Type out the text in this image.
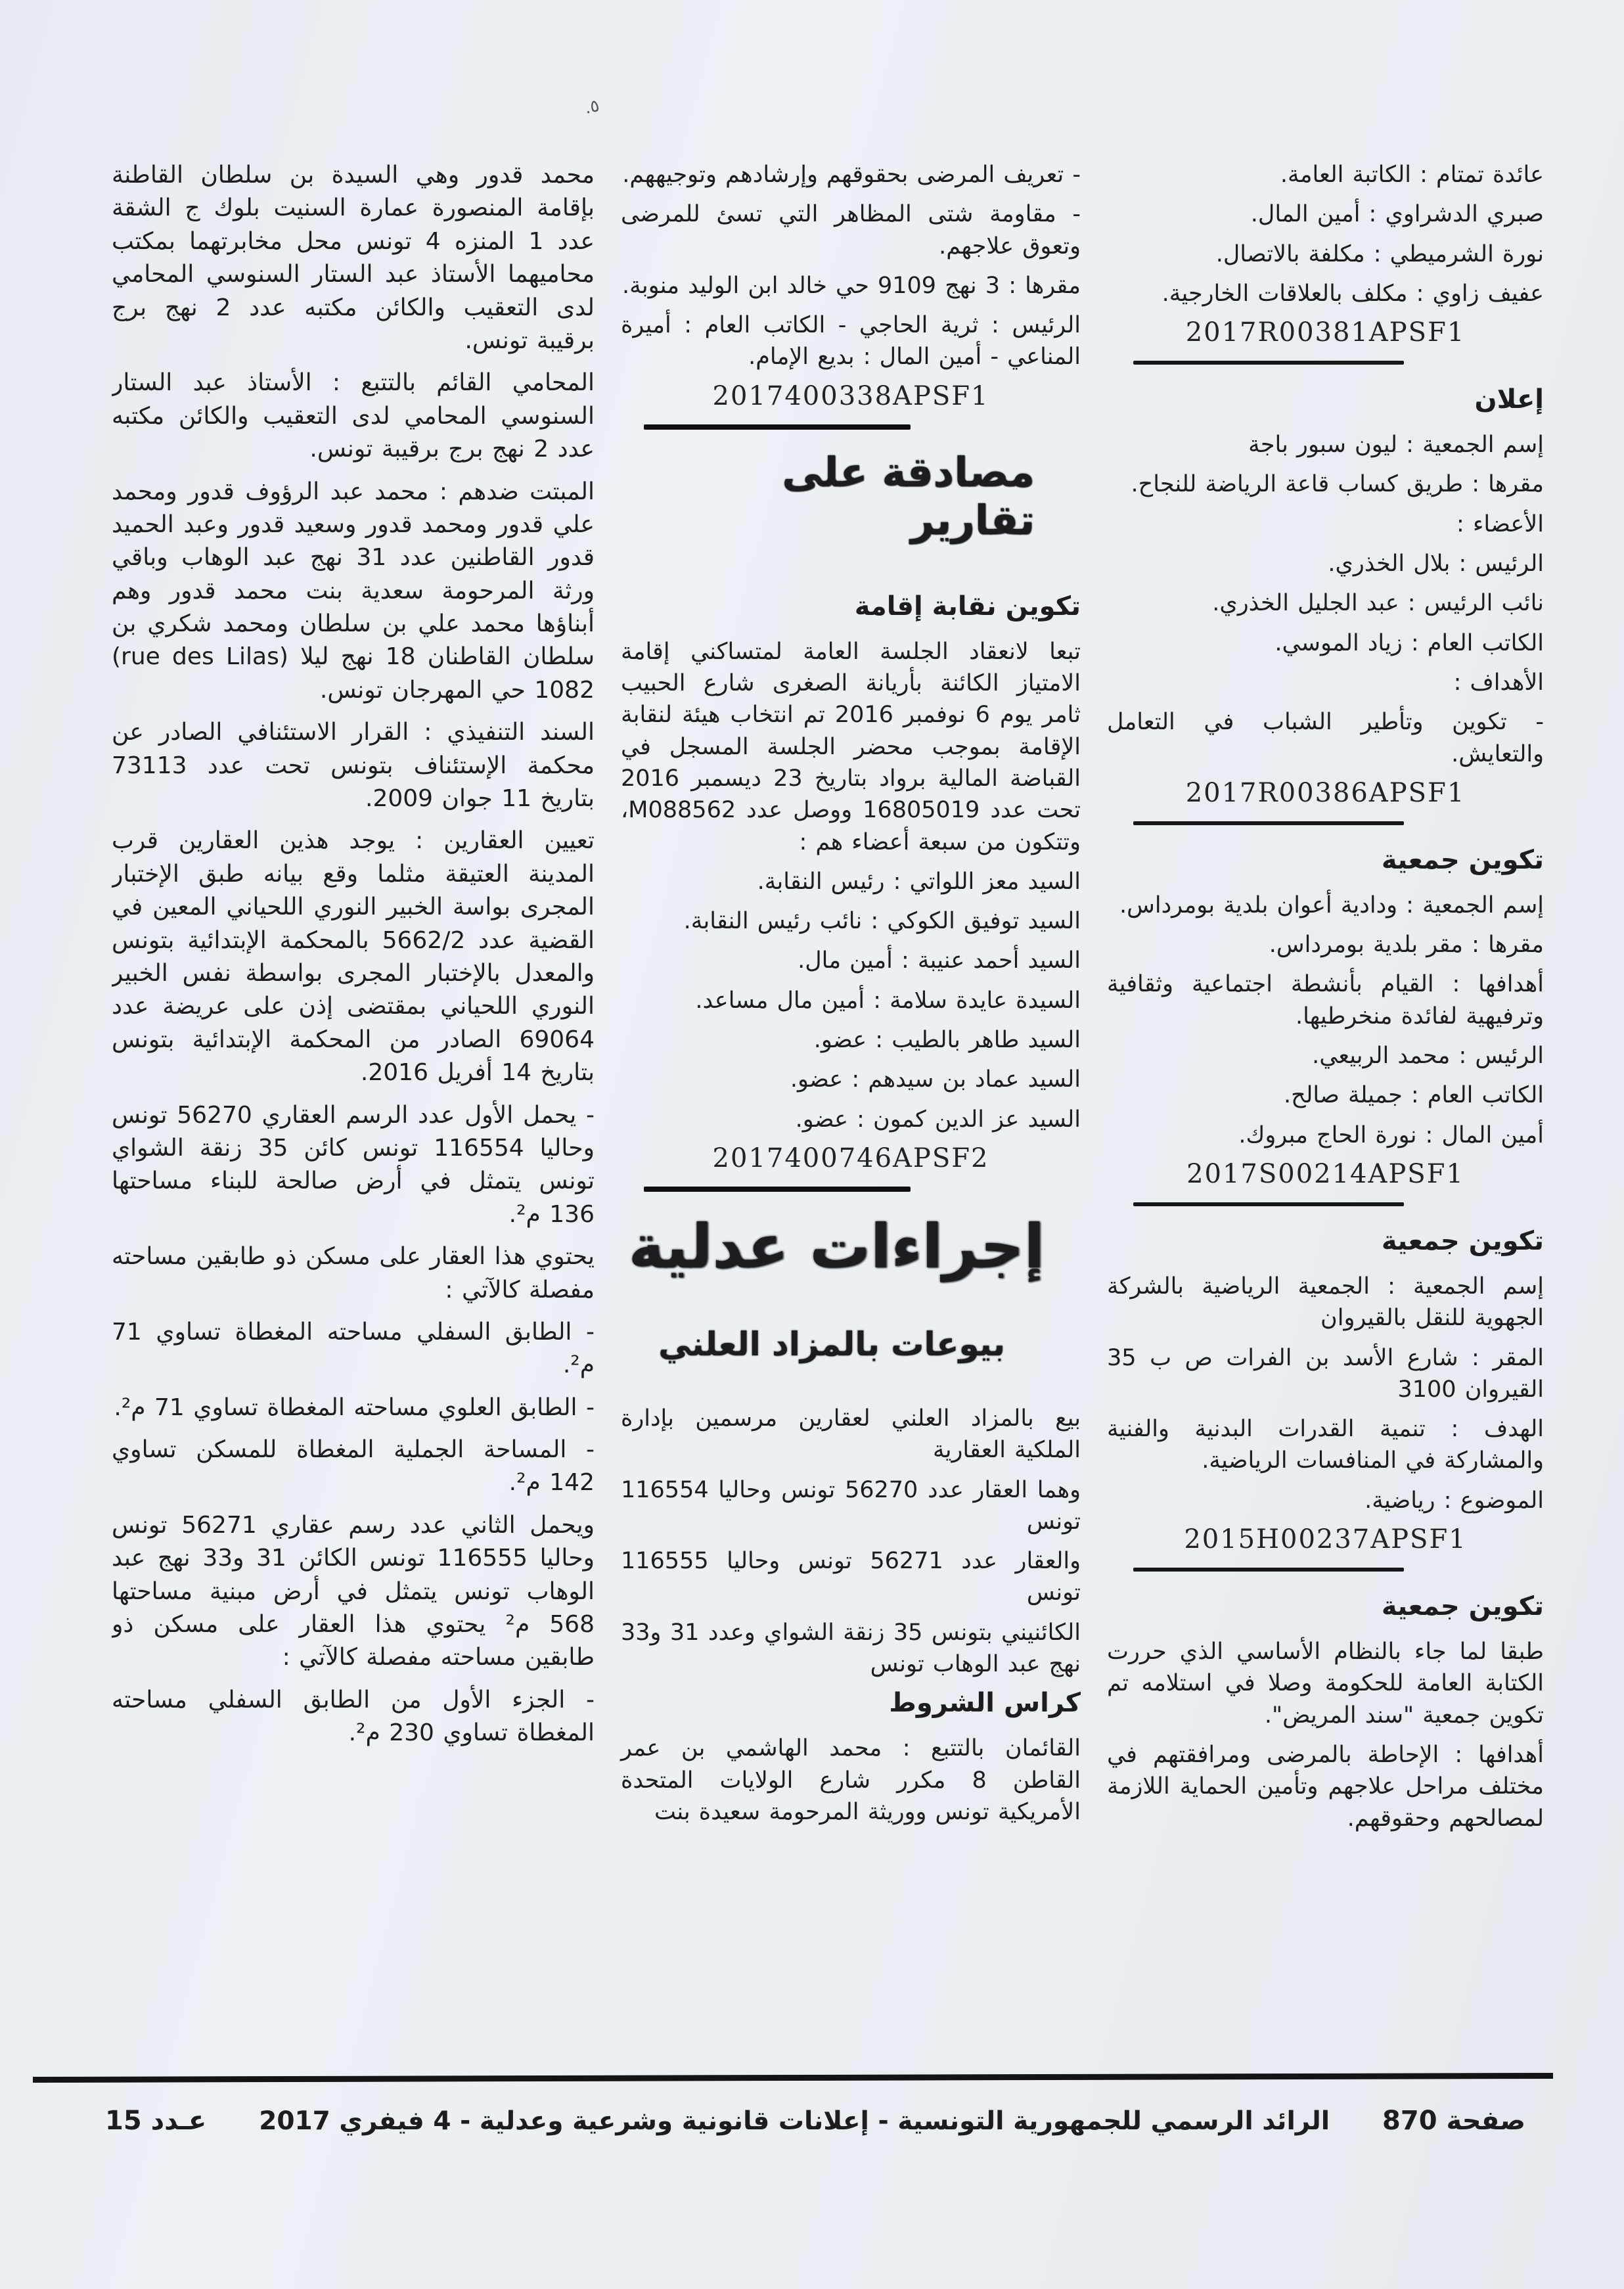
٥.

عائدة تمتام : الكاتبة العامة.

صبري الدشراوي : أمين المال.

نورة الشرميطي : مكلفة بالاتصال.

عفيف زاوي : مكلف بالعلاقات الخارجية.

2017R00381APSF1
إعلان

إسم الجمعية : ليون سبور باجة

مقرها : طريق كساب قاعة الرياضة للنجاح.

الأعضاء :

الرئيس : بلال الخذري.

نائب الرئيس : عبد الجليل الخذري.

الكاتب العام : زياد الموسي.

الأهداف :

- تكوين وتأطير الشباب في التعامل والتعايش.

2017R00386APSF1
تكوين جمعية

إسم الجمعية : ودادية أعوان بلدية بومرداس.

مقرها : مقر بلدية بومرداس.

أهدافها : القيام بأنشطة اجتماعية وثقافية وترفيهية لفائدة منخرطيها.

الرئيس : محمد الربيعي.

الكاتب العام : جميلة صالح.

أمين المال : نورة الحاج مبروك.

2017S00214APSF1
تكوين جمعية

إسم الجمعية : الجمعية الرياضية بالشركة الجهوية للنقل بالقيروان

المقر : شارع الأسد بن الفرات ص ب 35 القيروان 3100

الهدف : تنمية القدرات البدنية والفنية والمشاركة في المنافسات الرياضية.

الموضوع : رياضية.

2015H00237APSF1
تكوين جمعية

طبقا لما جاء بالنظام الأساسي الذي حررت الكتابة العامة للحكومة وصلا في استلامه تم تكوين جمعية "سند المريض".

أهدافها : الإحاطة بالمرضى ومرافقتهم في مختلف مراحل علاجهم وتأمين الحماية اللازمة لمصالحهم وحقوقهم.

- تعريف المرضى بحقوقهم وإرشادهم وتوجيههم.

- مقاومة شتى المظاهر التي تسئ للمرضى وتعوق علاجهم.

مقرها : 3 نهج 9109 حي خالد ابن الوليد منوبة.

الرئيس : ثرية الحاجي - الكاتب العام : أميرة المناعي - أمين المال : بديع الإمام.

2017400338APSF1
مصادقة على تقارير
تكوين نقابة إقامة

تبعا لانعقاد الجلسة العامة لمتساكني إقامة الامتياز الكائنة بأريانة الصغرى شارع الحبيب ثامر يوم 6 نوفمبر 2016 تم انتخاب هيئة لنقابة الإقامة بموجب محضر الجلسة المسجل في القباضة المالية برواد بتاريخ 23 ديسمبر 2016 تحت عدد 16805019 ووصل عدد M088562، وتتكون من سبعة أعضاء هم :

السيد معز اللواتي : رئيس النقابة.

السيد توفيق الكوكي : نائب رئيس النقابة.

السيد أحمد عنيبة : أمين مال.

السيدة عايدة سلامة : أمين مال مساعد.

السيد طاهر بالطيب : عضو.

السيد عماد بن سيدهم : عضو.

السيد عز الدين كمون : عضو.

2017400746APSF2
إجراءات عدلية
بيوعات بالمزاد العلني

بيع بالمزاد العلني لعقارين مرسمين بإدارة الملكية العقارية

وهما العقار عدد 56270 تونس وحاليا 116554 تونس

والعقار عدد 56271 تونس وحاليا 116555 تونس

الكائنيني بتونس 35 زنقة الشواي وعدد 31 و33 نهج عبد الوهاب تونس

كراس الشروط

القائمان بالتتبع : محمد الهاشمي بن عمر القاطن 8 مكرر شارع الولايات المتحدة الأمريكية تونس ووريثة المرحومة سعيدة بنت

محمد قدور وهي السيدة بن سلطان القاطنة بإقامة المنصورة عمارة السنيت بلوك ج الشقة عدد 1 المنزه 4 تونس محل مخابرتهما بمكتب محاميهما الأستاذ عبد الستار السنوسي المحامي لدى التعقيب والكائن مكتبه عدد 2 نهج برج برقيبة تونس.

المحامي القائم بالتتبع : الأستاذ عبد الستار السنوسي المحامي لدى التعقيب والكائن مكتبه عدد 2 نهج برج برقيبة تونس.

المبتت ضدهم : محمد عبد الرؤوف قدور ومحمد علي قدور ومحمد قدور وسعيد قدور وعبد الحميد قدور القاطنين عدد 31 نهج عبد الوهاب وباقي ورثة المرحومة سعدية بنت محمد قدور وهم أبناؤها محمد علي بن سلطان ومحمد شكري بن سلطان القاطنان 18 نهج ليلا (rue des Lilas) 1082 حي المهرجان تونس.

السند التنفيذي : القرار الاستئنافي الصادر عن محكمة الإستئناف بتونس تحت عدد 73113 بتاريخ 11 جوان 2009.

تعيين العقارين : يوجد هذين العقارين قرب المدينة العتيقة مثلما وقع بيانه طبق الإختبار المجرى بواسة الخبير النوري اللحياني المعين في القضية عدد 5662/2 بالمحكمة الإبتدائية بتونس والمعدل بالإختبار المجرى بواسطة نفس الخبير النوري اللحياني بمقتضى إذن على عريضة عدد 69064 الصادر من المحكمة الإبتدائية بتونس بتاريخ 14 أفريل 2016.

- يحمل الأول عدد الرسم العقاري 56270 تونس وحاليا 116554 تونس كائن 35 زنقة الشواي تونس يتمثل في أرض صالحة للبناء مساحتها 136 م².

يحتوي هذا العقار على مسكن ذو طابقين مساحته مفصلة كالآتي :

- الطابق السفلي مساحته المغطاة تساوي 71 م².

- الطابق العلوي مساحته المغطاة تساوي 71 م².

- المساحة الجملية المغطاة للمسكن تساوي 142 م².

ويحمل الثاني عدد رسم عقاري 56271 تونس وحاليا 116555 تونس الكائن 31 و33 نهج عبد الوهاب تونس يتمثل في أرض مبنية مساحتها 568 م² يحتوي هذا العقار على مسكن ذو طابقين مساحته مفصلة كالآتي :

- الجزء الأول من الطابق السفلي مساحته المغطاة تساوي 230 م².

صفحة 870
الرائد الرسمي للجمهورية التونسية - إعلانات قانونية وشرعية وعدلية - 4 فيفري 2017
عـدد 15
